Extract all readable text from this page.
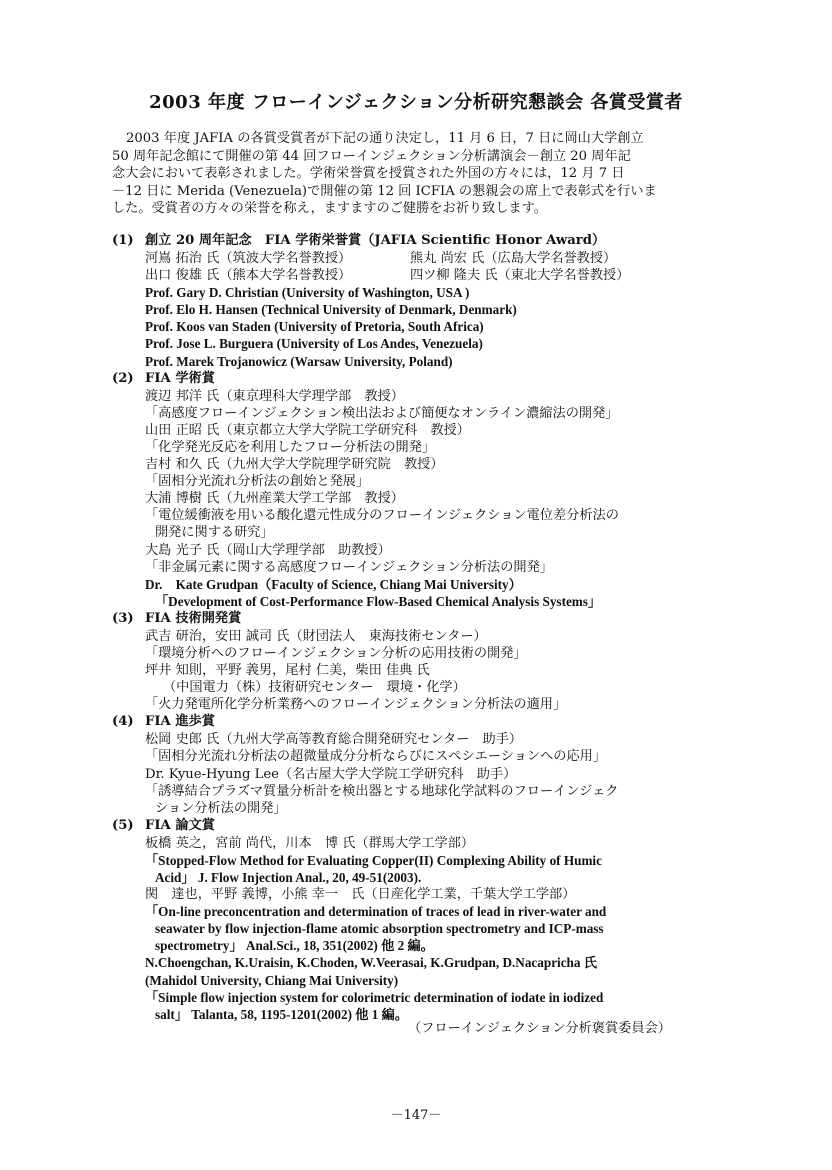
2003 年度 フローインジェクション分析研究懇談会 各賞受賞者
2003 年度 JAFIA の各賞受賞者が下記の通り決定し，11 月 6 日，7 日に岡山大学創立
50 周年記念館にて開催の第 44 回フローインジェクション分析講演会－創立 20 周年記
念大会において表彰されました。学術栄誉賞を授賞された外国の方々には，12 月 7 日
－12 日に Merida (Venezuela)で開催の第 12 回 ICFIA の懇親会の席上で表彰式を行いま
した。受賞者の方々の栄誉を称え，ますますのご健勝をお祈り致します。
(1) 創立 20 周年記念　FIA 学術栄誉賞（JAFIA Scientific Honor Award）
河嶌 拓治 氏（筑波大学名誉教授）	熊丸 尚宏 氏（広島大学名誉教授）
出口 俊雄 氏（熊本大学名誉教授）	四ツ柳 隆夫 氏（東北大学名誉教授）
Prof. Gary D. Christian (University of Washington, USA )
Prof. Elo H. Hansen (Technical University of Denmark, Denmark)
Prof. Koos van Staden (University of Pretoria, South Africa)
Prof. Jose L. Burguera (University of Los Andes, Venezuela)
Prof. Marek Trojanowicz (Warsaw University, Poland)
(2) FIA 学術賞
渡辺 邦洋 氏（東京理科大学理学部　教授）
「高感度フローインジェクション検出法および簡便なオンライン濃縮法の開発」
山田 正昭 氏（東京都立大学大学院工学研究科　教授）
「化学発光反応を利用したフロー分析法の開発」
吉村 和久 氏（九州大学大学院理学研究院　教授）
「固相分光流れ分析法の創始と発展」
大浦 博樹 氏（九州産業大学工学部　教授）
「電位緩衝液を用いる酸化還元性成分のフローインジェクション電位差分析法の
開発に関する研究」
大島 光子 氏（岡山大学理学部　助教授）
「非金属元素に関する高感度フローインジェクション分析法の開発」
Dr.　Kate Grudpan（Faculty of Science, Chiang Mai University）
「Development of Cost-Performance Flow-Based Chemical Analysis Systems」
(3) FIA 技術開発賞
武吉 研治，安田 誠司 氏（財団法人　東海技術センター）
「環境分析へのフローインジェクション分析の応用技術の開発」
坪井 知則，平野 義男，尾村 仁美，柴田 佳典 氏
（中国電力（株）技術研究センター　環境・化学）
「火力発電所化学分析業務へのフローインジェクション分析法の適用」
(4) FIA 進歩賞
松岡 史郎 氏（九州大学高等教育総合開発研究センター　助手）
「固相分光流れ分析法の超微量成分分析ならびにスペシエーションへの応用」
Dr. Kyue-Hyung Lee（名古屋大学大学院工学研究科　助手）
「誘導結合プラズマ質量分析計を検出器とする地球化学試料のフローインジェク
ション分析法の開発」
(5) FIA 論文賞
板橋 英之，宮前 尚代，川本　博 氏（群馬大学工学部）
「Stopped-Flow Method for Evaluating Copper(II) Complexing Ability of Humic
Acid」 J. Flow Injection Anal., 20, 49-51(2003).
関　達也，平野 義博，小熊 幸一　氏（日産化学工業，千葉大学工学部）
「On-line preconcentration and determination of traces of lead in river-water and
seawater by flow injection-flame atomic absorption spectrometry and ICP-mass
spectrometry」 Anal.Sci., 18, 351(2002) 他 2 編。
N.Choengchan, K.Uraisin, K.Choden, W.Veerasai, K.Grudpan, D.Nacapricha 氏
(Mahidol University, Chiang Mai University)
「Simple flow injection system for colorimetric determination of iodate in iodized
salt」 Talanta, 58, 1195-1201(2002) 他 1 編。
（フローインジェクション分析褒賞委員会）
－147－
